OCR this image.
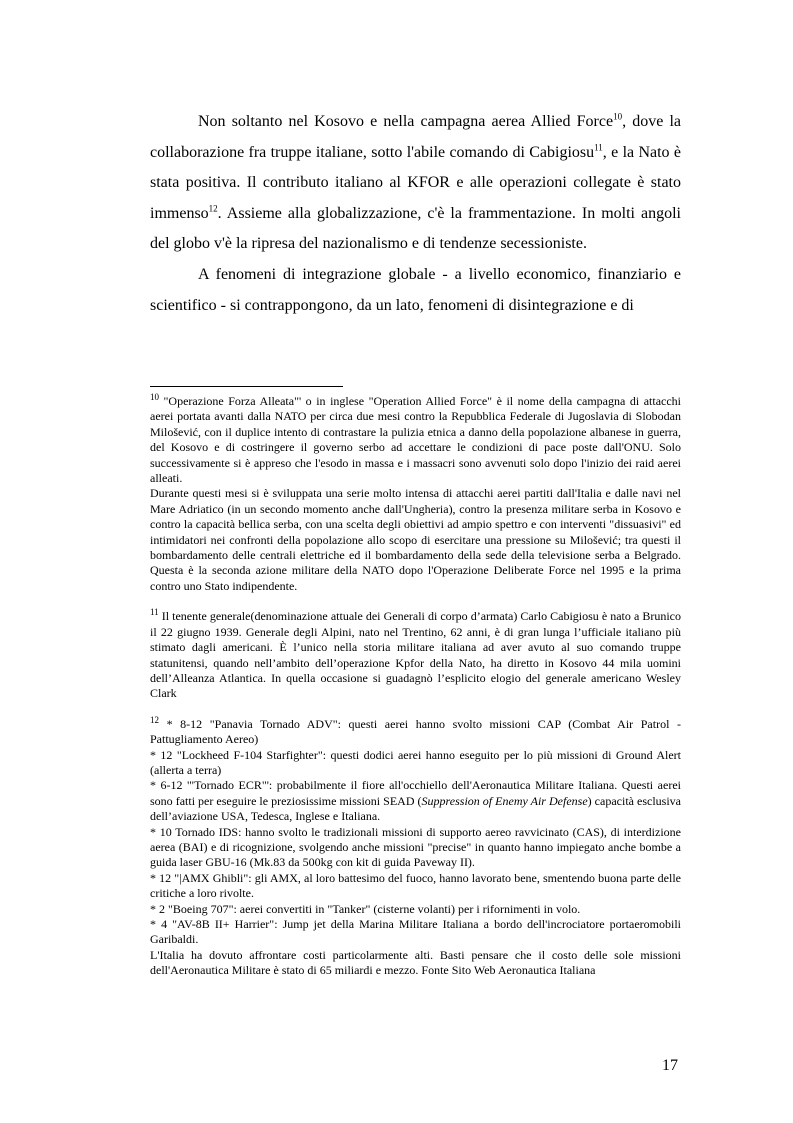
Non soltanto nel Kosovo e nella campagna aerea Allied Force$^{10}$, dove la collaborazione fra truppe italiane, sotto l'abile comando di Cabigiosu$^{11}$, e la Nato è stata positiva. Il contributo italiano al KFOR e alle operazioni collegate è stato immenso$^{12}$. Assieme alla globalizzazione, c'è la frammentazione. In molti angoli del globo v'è la ripresa del nazionalismo e di tendenze secessioniste.

A fenomeni di integrazione globale - a livello economico, finanziario e scientifico - si contrappongono, da un lato, fenomeni di disintegrazione e di

$^{10}$ "Operazione Forza Alleata"' o in inglese "Operation Allied Force" è il nome della campagna di attacchi aerei portata avanti dalla NATO per circa due mesi contro la Repubblica Federale di Jugoslavia di Slobodan Milošević, con il duplice intento di contrastare la pulizia etnica a danno della popolazione albanese in guerra, del Kosovo e di costringere il governo serbo ad accettare le condizioni di pace poste dall'ONU. Solo successivamente si è appreso che l'esodo in massa e i massacri sono avvenuti solo dopo l'inizio dei raid aerei alleati.

Durante questi mesi si è sviluppata una serie molto intensa di attacchi aerei partiti dall'Italia e dalle navi nel Mare Adriatico (in un secondo momento anche dall'Ungheria), contro la presenza militare serba in Kosovo e contro la capacità bellica serba, con una scelta degli obiettivi ad ampio spettro e con interventi "dissuasivi" ed intimidatori nei confronti della popolazione allo scopo di esercitare una pressione su Milošević; tra questi il bombardamento delle centrali elettriche ed il bombardamento della sede della televisione serba a Belgrado. Questa è la seconda azione militare della NATO dopo l'Operazione Deliberate Force nel 1995 e la prima contro uno Stato indipendente.

$^{11}$ Il tenente generale(denominazione attuale dei Generali di corpo d’armata) Carlo Cabigiosu è nato a Brunico il 22 giugno 1939. Generale degli Alpini, nato nel Trentino, 62 anni, è di gran lunga l’ufficiale italiano più stimato dagli americani. È l’unico nella storia militare italiana ad aver avuto al suo comando truppe statunitensi, quando nell’ambito dell’operazione Kpfor della Nato, ha diretto in Kosovo 44 mila uomini dell’Alleanza Atlantica. In quella occasione si guadagnò l’esplicito elogio del generale americano Wesley Clark

$^{12}$ * 8-12 "Panavia Tornado ADV": questi aerei hanno svolto missioni CAP (Combat Air Patrol - Pattugliamento Aereo)

* 12 "Lockheed F-104 Starfighter": questi dodici aerei hanno eseguito per lo più missioni di Ground Alert (allerta a terra)

* 6-12 '"Tornado ECR"': probabilmente il fiore all'occhiello dell'Aeronautica Militare Italiana. Questi aerei sono fatti per eseguire le preziosissime missioni SEAD (Suppression of Enemy Air Defense) capacità esclusiva dell’aviazione USA, Tedesca, Inglese e Italiana.

* 10 Tornado IDS: hanno svolto le tradizionali missioni di supporto aereo ravvicinato (CAS), di interdizione aerea (BAI) e di ricognizione, svolgendo anche missioni "precise" in quanto hanno impiegato anche bombe a guida laser GBU-16 (Mk.83 da 500kg con kit di guida Paveway II).

* 12 "|AMX Ghibli": gli AMX, al loro battesimo del fuoco, hanno lavorato bene, smentendo buona parte delle critiche a loro rivolte.

* 2 "Boeing 707": aerei convertiti in "Tanker" (cisterne volanti) per i rifornimenti in volo.

* 4 "AV-8B II+ Harrier": Jump jet della Marina Militare Italiana a bordo dell'incrociatore portaeromobili Garibaldi.

L'Italia ha dovuto affrontare costi particolarmente alti. Basti pensare che il costo delle sole missioni dell'Aeronautica Militare è stato di 65 miliardi e mezzo. Fonte Sito Web Aeronautica Italiana

17
